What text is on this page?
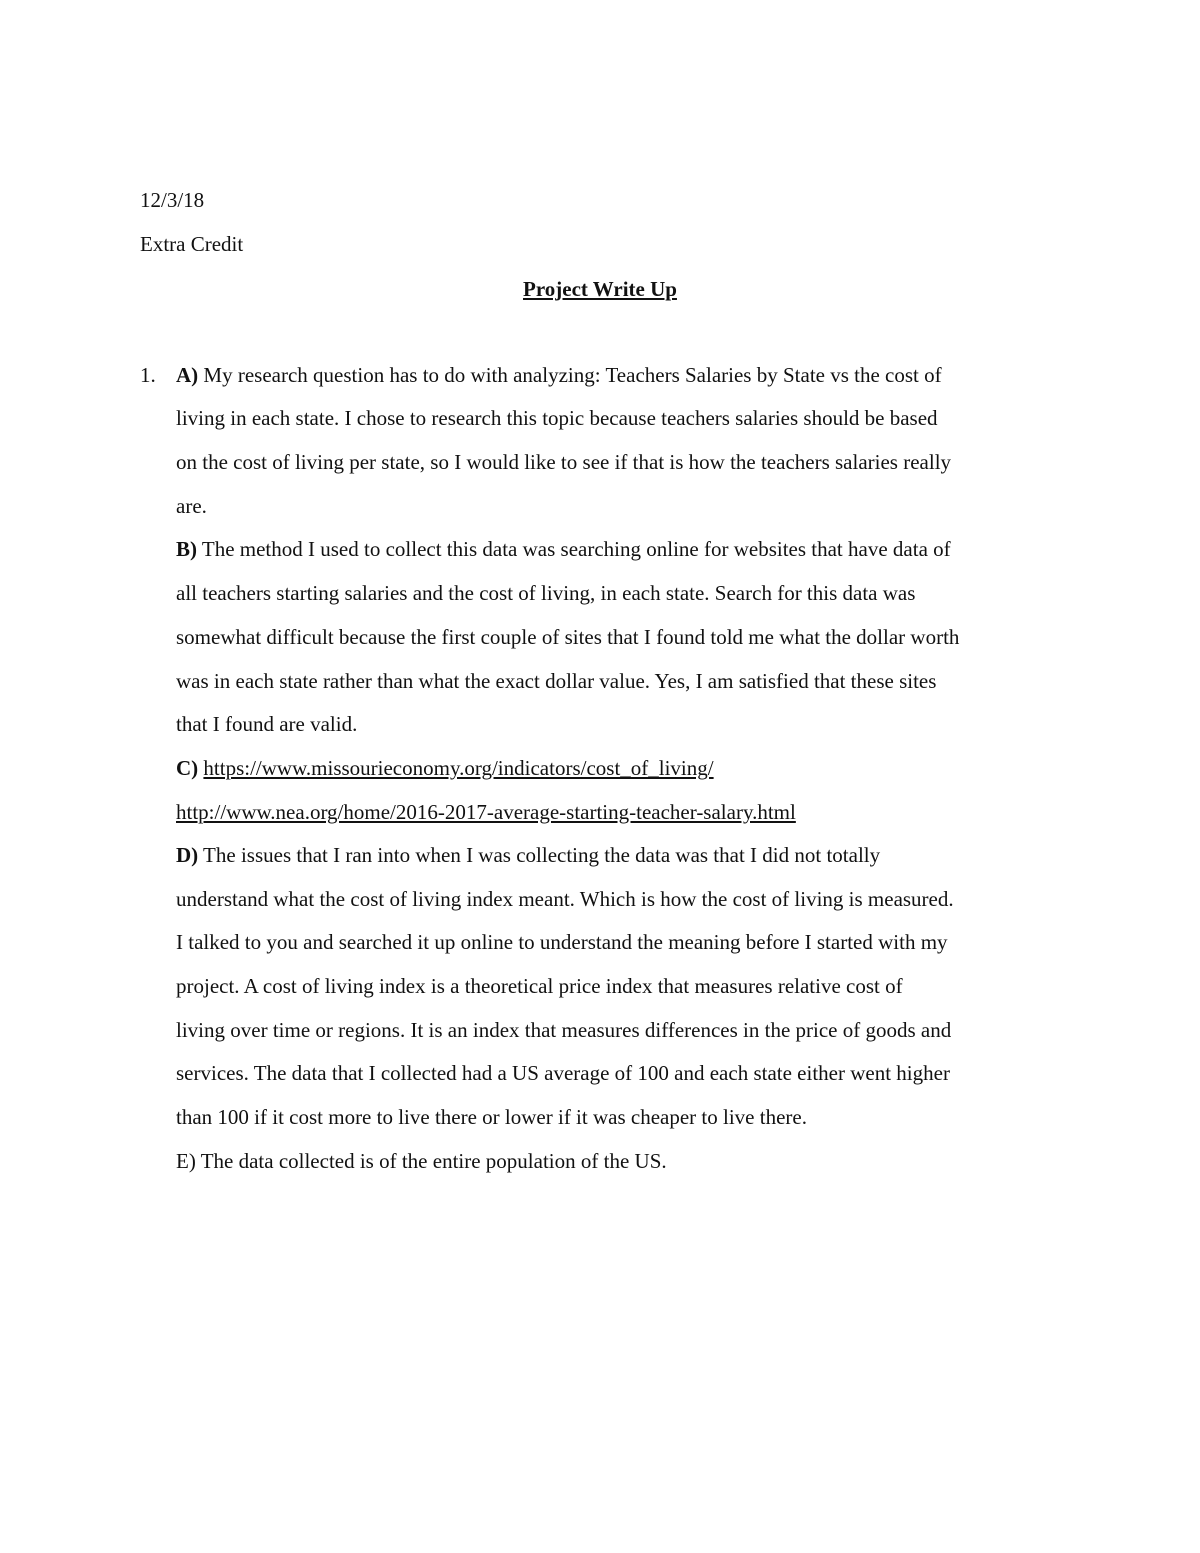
12/3/18
Extra Credit
Project Write Up
1. A) My research question has to do with analyzing: Teachers Salaries by State vs the cost of
living in each state. I chose to research this topic because teachers salaries should be based
on the cost of living per state, so I would like to see if that is how the teachers salaries really
are.
B) The method I used to collect this data was searching online for websites that have data of
all teachers starting salaries and the cost of living, in each state. Search for this data was
somewhat difficult because the first couple of sites that I found told me what the dollar worth
was in each state rather than what the exact dollar value. Yes, I am satisfied that these sites
that I found are valid.
C) https://www.missourieconomy.org/indicators/cost_of_living/
http://www.nea.org/home/2016-2017-average-starting-teacher-salary.html
D) The issues that I ran into when I was collecting the data was that I did not totally
understand what the cost of living index meant. Which is how the cost of living is measured.
I talked to you and searched it up online to understand the meaning before I started with my
project. A cost of living index is a theoretical price index that measures relative cost of
living over time or regions. It is an index that measures differences in the price of goods and
services. The data that I collected had a US average of 100 and each state either went higher
than 100 if it cost more to live there or lower if it was cheaper to live there.
E) The data collected is of the entire population of the US.
